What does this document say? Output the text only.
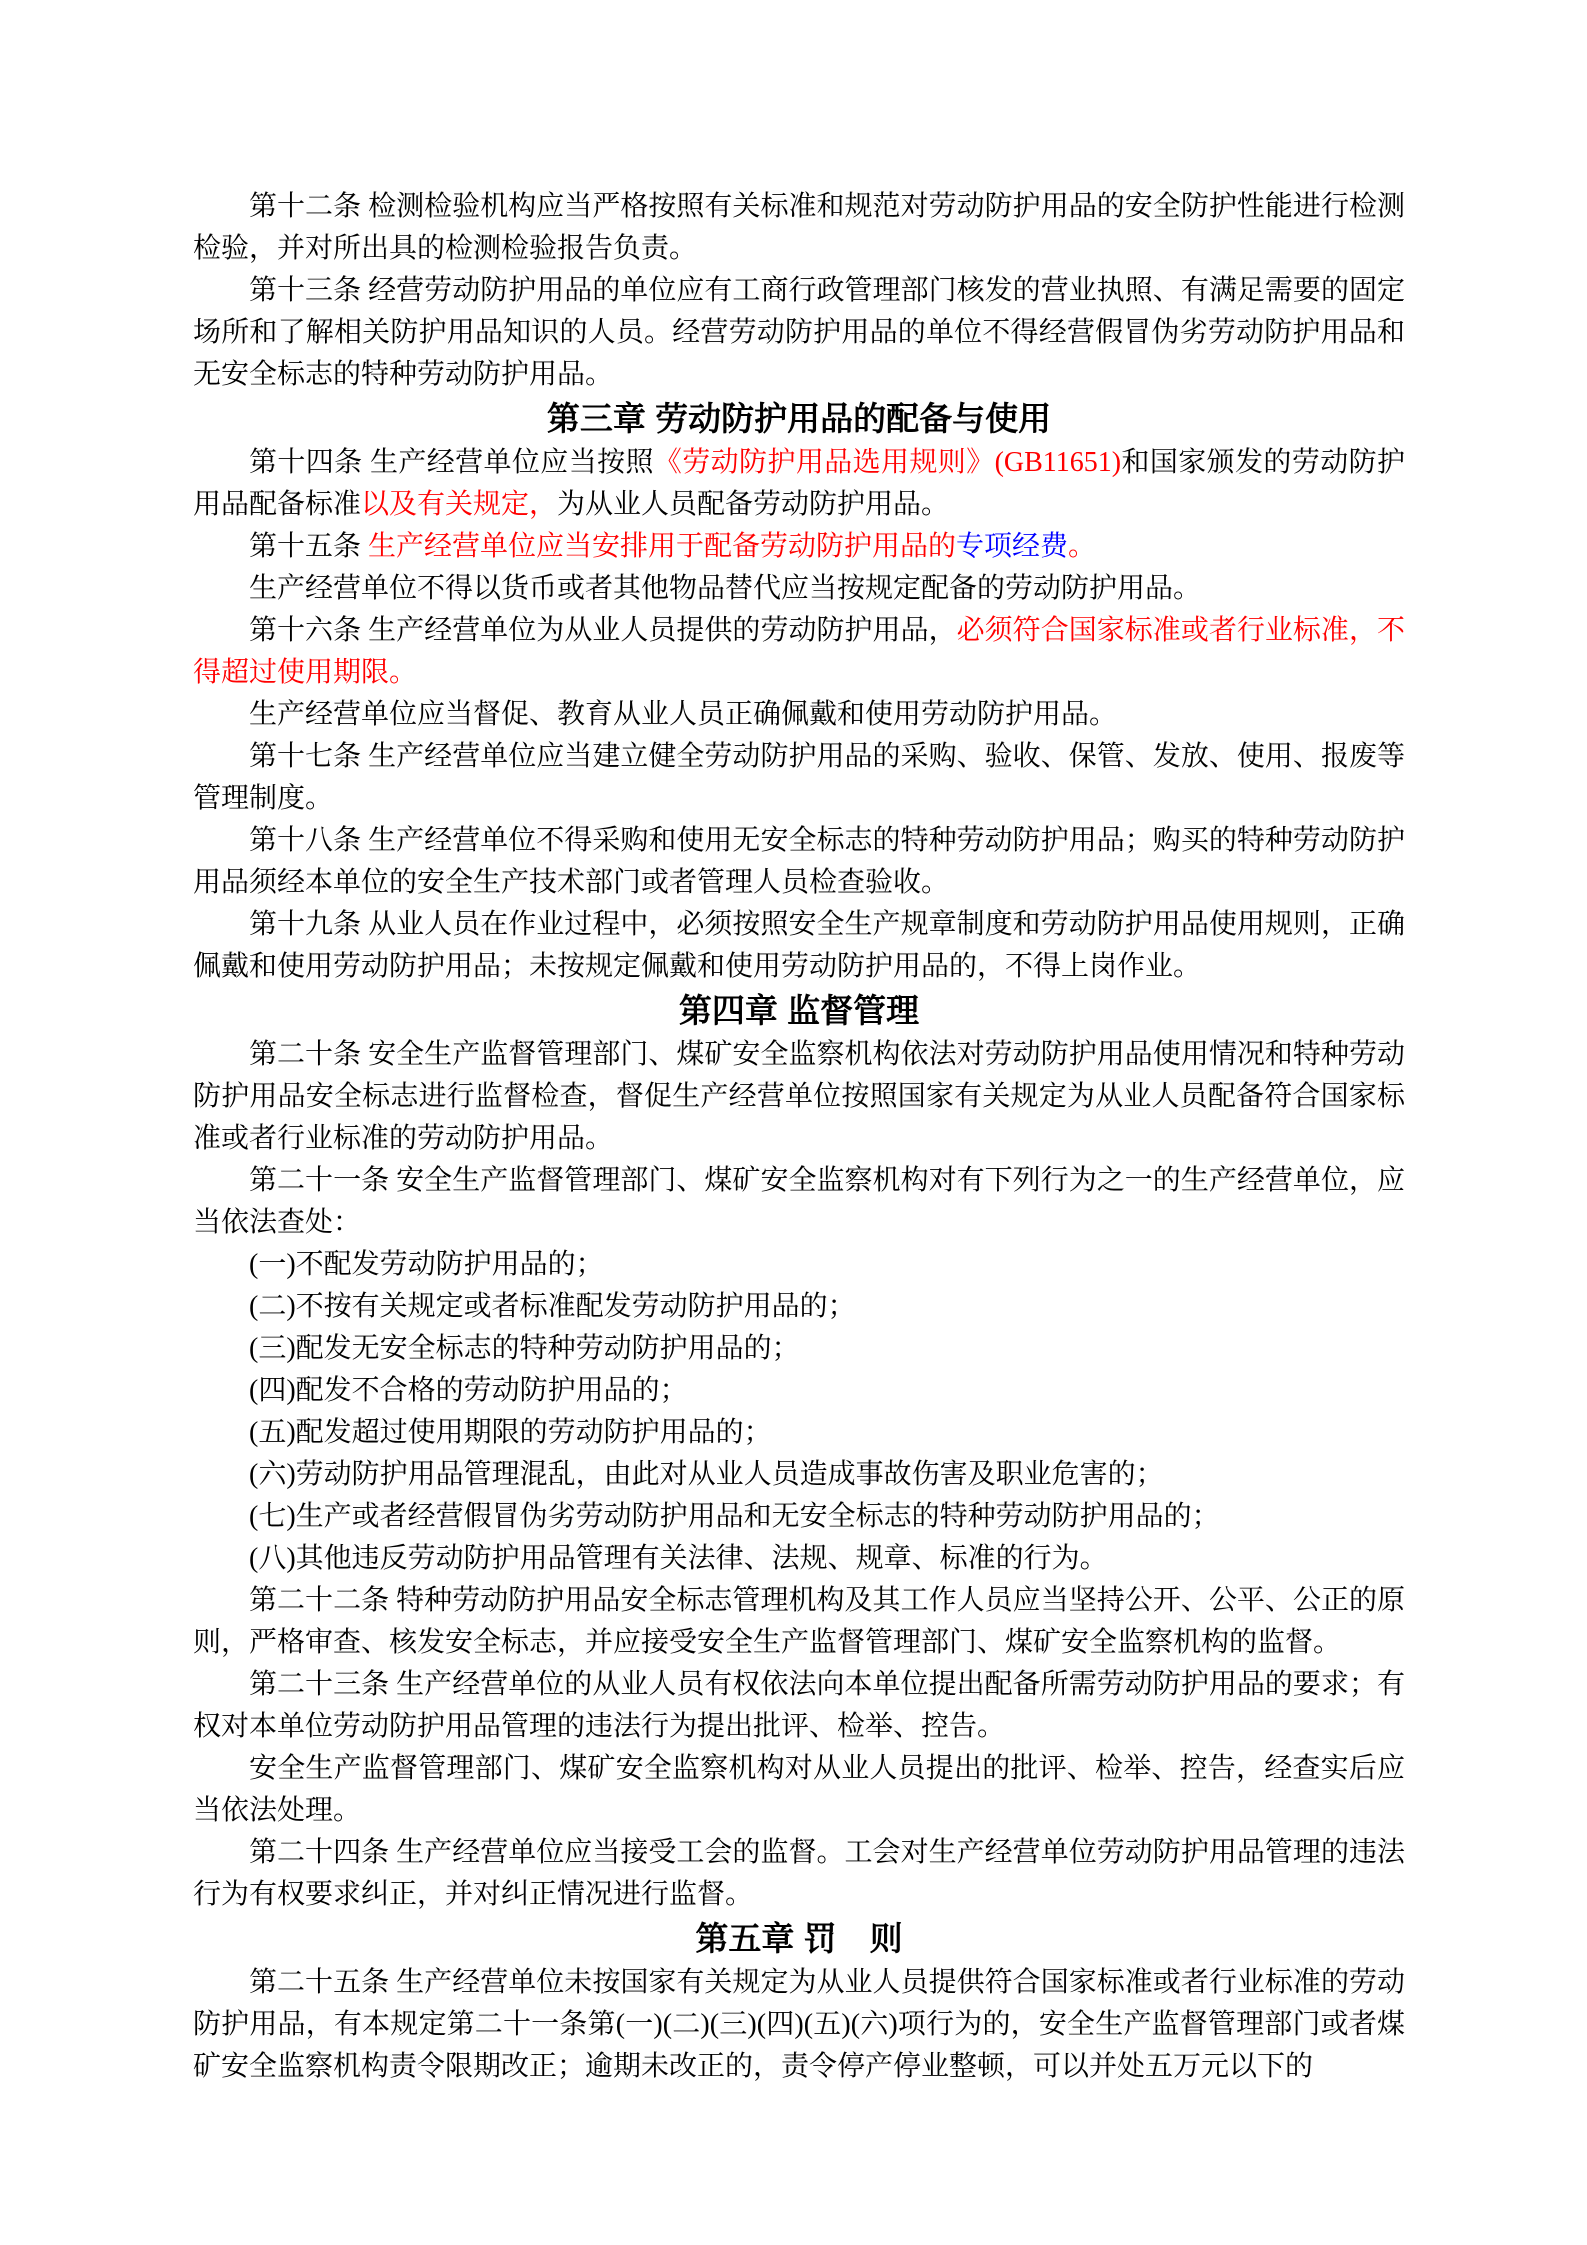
第十二条 检测检验机构应当严格按照有关标准和规范对劳动防护用品的安全防护性能进行检测检验，并对所出具的检测检验报告负责。

第十三条 经营劳动防护用品的单位应有工商行政管理部门核发的营业执照、有满足需要的固定场所和了解相关防护用品知识的人员。经营劳动防护用品的单位不得经营假冒伪劣劳动防护用品和无安全标志的特种劳动防护用品。

第三章 劳动防护用品的配备与使用

第十四条 生产经营单位应当按照《劳动防护用品选用规则》(GB11651)和国家颁发的劳动防护用品配备标准以及有关规定，为从业人员配备劳动防护用品。

第十五条 生产经营单位应当安排用于配备劳动防护用品的专项经费。

生产经营单位不得以货币或者其他物品替代应当按规定配备的劳动防护用品。

第十六条 生产经营单位为从业人员提供的劳动防护用品，必须符合国家标准或者行业标准，不得超过使用期限。

生产经营单位应当督促、教育从业人员正确佩戴和使用劳动防护用品。

第十七条 生产经营单位应当建立健全劳动防护用品的采购、验收、保管、发放、使用、报废等管理制度。

第十八条 生产经营单位不得采购和使用无安全标志的特种劳动防护用品；购买的特种劳动防护用品须经本单位的安全生产技术部门或者管理人员检查验收。

第十九条 从业人员在作业过程中，必须按照安全生产规章制度和劳动防护用品使用规则，正确佩戴和使用劳动防护用品；未按规定佩戴和使用劳动防护用品的，不得上岗作业。

第四章 监督管理

第二十条 安全生产监督管理部门、煤矿安全监察机构依法对劳动防护用品使用情况和特种劳动防护用品安全标志进行监督检查，督促生产经营单位按照国家有关规定为从业人员配备符合国家标准或者行业标准的劳动防护用品。

第二十一条 安全生产监督管理部门、煤矿安全监察机构对有下列行为之一的生产经营单位，应当依法查处：

(一)不配发劳动防护用品的；

(二)不按有关规定或者标准配发劳动防护用品的；

(三)配发无安全标志的特种劳动防护用品的；

(四)配发不合格的劳动防护用品的；

(五)配发超过使用期限的劳动防护用品的；

(六)劳动防护用品管理混乱，由此对从业人员造成事故伤害及职业危害的；

(七)生产或者经营假冒伪劣劳动防护用品和无安全标志的特种劳动防护用品的；

(八)其他违反劳动防护用品管理有关法律、法规、规章、标准的行为。

第二十二条 特种劳动防护用品安全标志管理机构及其工作人员应当坚持公开、公平、公正的原则，严格审查、核发安全标志，并应接受安全生产监督管理部门、煤矿安全监察机构的监督。

第二十三条 生产经营单位的从业人员有权依法向本单位提出配备所需劳动防护用品的要求；有权对本单位劳动防护用品管理的违法行为提出批评、检举、控告。

安全生产监督管理部门、煤矿安全监察机构对从业人员提出的批评、检举、控告，经查实后应当依法处理。

第二十四条 生产经营单位应当接受工会的监督。工会对生产经营单位劳动防护用品管理的违法行为有权要求纠正，并对纠正情况进行监督。

第五章 罚　则

第二十五条 生产经营单位未按国家有关规定为从业人员提供符合国家标准或者行业标准的劳动防护用品，有本规定第二十一条第(一)(二)(三)(四)(五)(六)项行为的，安全生产监督管理部门或者煤矿安全监察机构责令限期改正；逾期未改正的，责令停产停业整顿，可以并处五万元以下的
